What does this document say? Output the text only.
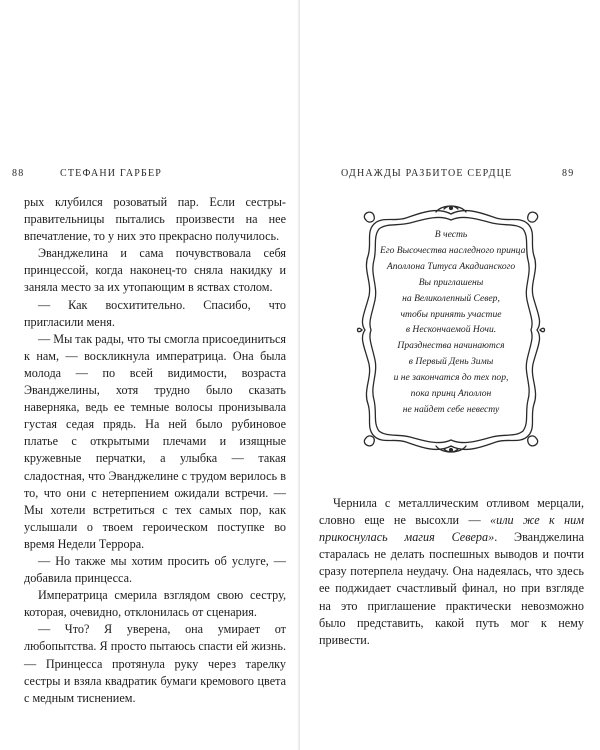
88	СТЕФАНИ ГАРБЕР

рых клубился розоватый пар. Если сестры-правительницы пытались произвести на нее впечатление, то у них это прекрасно получилось.

Эванджелина и сама почувствовала себя принцессой, когда наконец-то сняла накидку и заняла место за их утопающим в яствах столом.

— Как восхитительно. Спасибо, что пригласили меня.

— Мы так рады, что ты смогла присоединиться к нам, — воскликнула императрица. Она была молода — по всей видимости, возраста Эванджелины, хотя трудно было сказать наверняка, ведь ее темные волосы пронизывала густая седая прядь. На ней было рубиновое платье с открытыми плечами и изящные кружевные перчатки, а улыбка — такая сладостная, что Эванджелине с трудом верилось в то, что они с нетерпением ожидали встречи. — Мы хотели встретиться с тех самых пор, как услышали о твоем героическом поступке во время Недели Террора.

— Но также мы хотим просить об услуге, — добавила принцесса.

Императрица смерила взглядом свою сестру, которая, очевидно, отклонилась от сценария.

— Что? Я уверена, она умирает от любопытства. Я просто пытаюсь спасти ей жизнь. — Принцесса протянула руку через тарелку сестры и взяла квадратик бумаги кремового цвета с медным тиснением.

ОДНАЖДЫ РАЗБИТОЕ СЕРДЦЕ	89
В честь
Его Высочества наследного принца
Аполлона Титуса Акадианского
Вы приглашены
на Великолепный Север,
чтобы принять участие
в Нескончаемой Ночи.
Празднества начинаются
в Первый День Зимы
и не закончатся до тех пор,
пока принц Аполлон
не найдет себе невесту

Чернила с металлическим отливом мерцали, словно еще не высохли — «или же к ним прикоснулась магия Севера». Эванджелина старалась не делать поспешных выводов и почти сразу потерпела неудачу. Она надеялась, что здесь ее поджидает счастливый финал, но при взгляде на это приглашение практически невозможно было представить, какой путь мог к нему привести.
